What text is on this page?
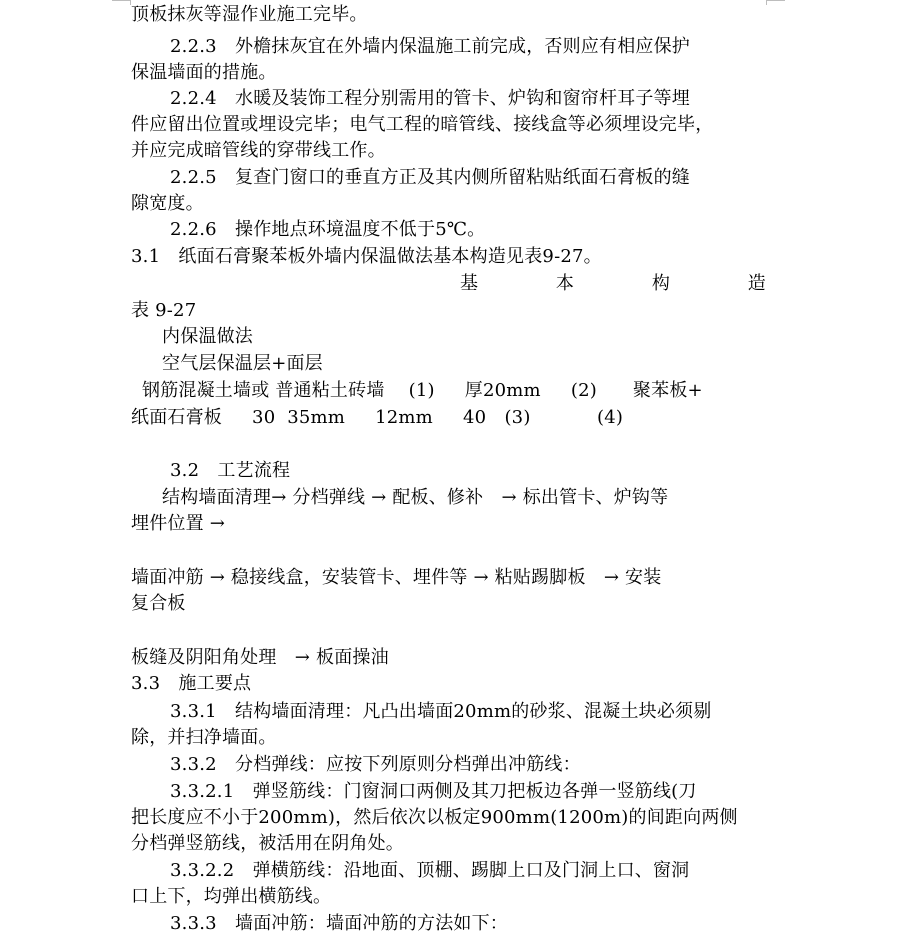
顶板抹灰等湿作业施工完毕。
2.2.3　外檐抹灰宜在外墙内保温施工前完成，否则应有相应保护
保温墙面的措施。
2.2.4　水暖及装饰工程分别需用的管卡、炉钩和窗帘杆耳子等埋
件应留出位置或埋设完毕；电气工程的暗管线、接线盒等必须埋设完毕，
并应完成暗管线的穿带线工作。
2.2.5　复查门窗口的垂直方正及其内侧所留粘贴纸面石膏板的缝
隙宽度。
2.2.6　操作地点环境温度不低于5℃。
3.1　纸面石膏聚苯板外墙内保温做法基本构造见表9-27。
基	本	构	造
表 9-27
内保温做法
空气层保温层+面层
钢筋混凝土墙或 普通粘土砖墙　 (1)　  厚20mm　  (2)　   聚苯板+
纸面石膏板　  30  35mm　  12mm　  40　(3)　　　  (4)
3.2　工艺流程
结构墙面清理→ 分档弹线 → 配板、修补　→ 标出管卡、炉钩等
埋件位置 →
墙面冲筋 → 稳接线盒，安装管卡、埋件等 → 粘贴踢脚板　→ 安装
复合板
板缝及阴阳角处理　→ 板面操油
3.3　施工要点
3.3.1　结构墙面清理：凡凸出墙面20mm的砂浆、混凝土块必须剔
除，并扫净墙面。
3.3.2　分档弹线：应按下列原则分档弹出冲筋线：
3.3.2.1　弹竖筋线：门窗洞口两侧及其刀把板边各弹一竖筋线(刀
把长度应不小于200mm)，然后依次以板定900mm(1200m)的间距向两侧
分档弹竖筋线，被活用在阴角处。
3.3.2.2　弹横筋线：沿地面、顶棚、踢脚上口及门洞上口、窗洞
口上下，均弹出横筋线。
3.3.3　墙面冲筋：墙面冲筋的方法如下：
